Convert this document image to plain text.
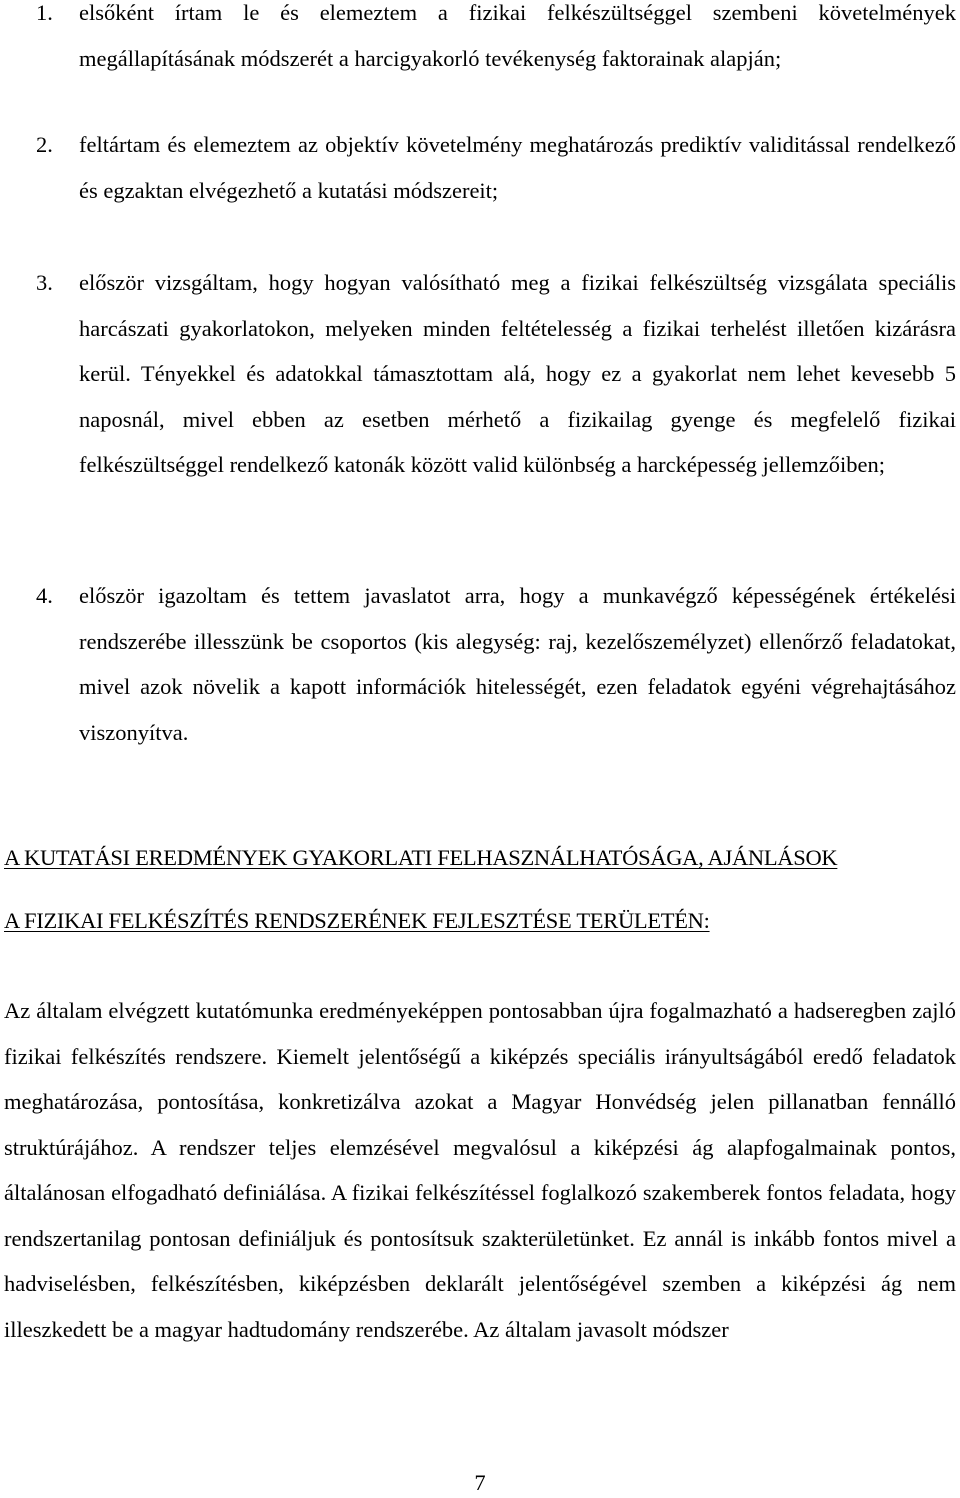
1. elsőként írtam le és elemeztem a fizikai felkészültséggel szembeni követelmények megállapításának módszerét a harcigyakorló tevékenység faktorainak alapján;
2. feltártam és elemeztem az objektív követelmény meghatározás prediktív validitással rendelkező és egzaktan elvégezhető a kutatási módszereit;
3. először vizsgáltam, hogy hogyan valósítható meg a fizikai felkészültség vizsgálata speciális harcászati gyakorlatokon, melyeken minden feltételesség a fizikai terhelést illetően kizárásra kerül. Tényekkel és adatokkal támasztottam alá, hogy ez a gyakorlat nem lehet kevesebb 5 naposnál, mivel ebben az esetben mérhető a fizikailag gyenge és megfelelő fizikai felkészültséggel rendelkező katonák között valid különbség a harcképesség jellemzőiben;
4. először igazoltam és tettem javaslatot arra, hogy a munkavégző képességének értékelési rendszerébe illesszünk be csoportos (kis alegység: raj, kezelőszemélyzet) ellenőrző feladatokat, mivel azok növelik a kapott információk hitelességét, ezen feladatok egyéni végrehajtásához viszonyítva.
A KUTATÁSI EREDMÉNYEK GYAKORLATI FELHASZNÁLHATÓSÁGA, AJÁNLÁSOK
A FIZIKAI FELKÉSZÍTÉS RENDSZERÉNEK FEJLESZTÉSE TERÜLETÉN:
Az általam elvégzett kutatómunka eredményeképpen pontosabban újra fogalmazható a hadseregben zajló fizikai felkészítés rendszere. Kiemelt jelentőségű a kiképzés speciális irányultságából eredő feladatok meghatározása, pontosítása, konkretizálva azokat a Magyar Honvédség jelen pillanatban fennálló struktúrájához. A rendszer teljes elemzésével megvalósul a kiképzési ág alapfogalmainak pontos, általánosan elfogadható definiálása. A fizikai felkészítéssel foglalkozó szakemberek fontos feladata, hogy rendszertanilag pontosan definiáljuk és pontosítsuk szakterületünket. Ez annál is inkább fontos mivel a hadviselésben, felkészítésben, kiképzésben deklarált jelentőségével szemben a kiképzési ág nem illeszkedett be a magyar hadtudomány rendszerébe. Az általam javasolt módszer
7
